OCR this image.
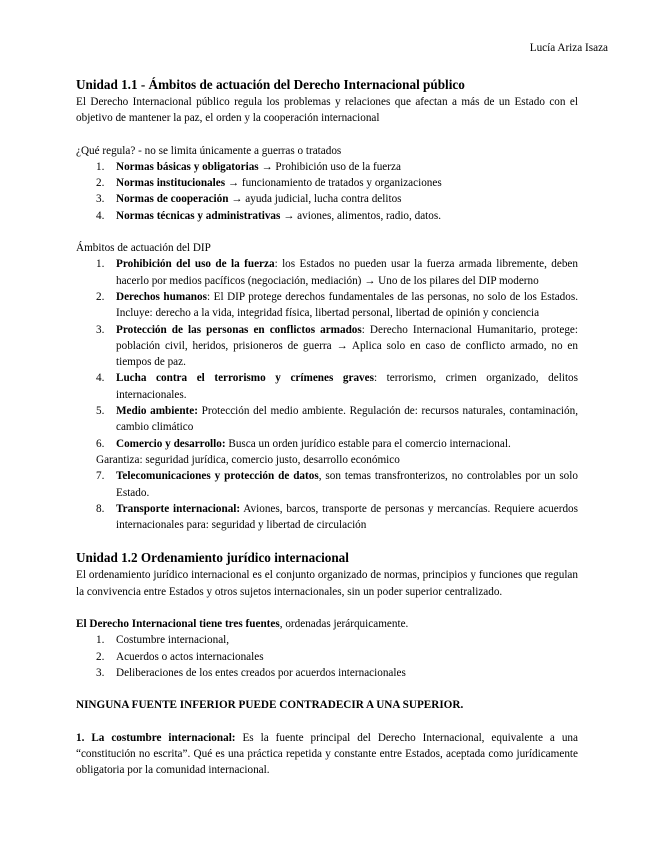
Lucía Ariza Isaza
Unidad 1.1 - Ámbitos de actuación del Derecho Internacional público

El Derecho Internacional público regula los problemas y relaciones que afectan a más de un Estado con el objetivo de mantener la paz, el orden y la cooperación internacional

¿Qué regula? - no se limita únicamente a guerras o tratados

1. Normas básicas y obligatorias → Prohibición uso de la fuerza
2. Normas institucionales → funcionamiento de tratados y organizaciones
3. Normas de cooperación → ayuda judicial, lucha contra delitos
4. Normas técnicas y administrativas → aviones, alimentos, radio, datos.

Ámbitos de actuación del DIP

1. Prohibición del uso de la fuerza: los Estados no pueden usar la fuerza armada libremente, deben hacerlo por medios pacíficos (negociación, mediación) → Uno de los pilares del DIP moderno
2. Derechos humanos: El DIP protege derechos fundamentales de las personas, no solo de los Estados. Incluye: derecho a la vida, integridad física, libertad personal, libertad de opinión y conciencia
3. Protección de las personas en conflictos armados: Derecho Internacional Humanitario, protege: población civil, heridos, prisioneros de guerra → Aplica solo en caso de conflicto armado, no en tiempos de paz.
4. Lucha contra el terrorismo y crímenes graves: terrorismo, crimen organizado, delitos internacionales.
5. Medio ambiente: Protección del medio ambiente. Regulación de: recursos naturales, contaminación, cambio climático
6. Comercio y desarrollo: Busca un orden jurídico estable para el comercio internacional.
Garantiza: seguridad jurídica, comercio justo, desarrollo económico
7. Telecomunicaciones y protección de datos, son temas transfronterizos, no controlables por un solo Estado.
8. Transporte internacional: Aviones, barcos, transporte de personas y mercancías. Requiere acuerdos internacionales para: seguridad y libertad de circulación
Unidad 1.2 Ordenamiento jurídico internacional

El ordenamiento jurídico internacional es el conjunto organizado de normas, principios y funciones que regulan la convivencia entre Estados y otros sujetos internacionales, sin un poder superior centralizado.

El Derecho Internacional tiene tres fuentes, ordenadas jerárquicamente.

1. Costumbre internacional,
2. Acuerdos o actos internacionales
3. Deliberaciones de los entes creados por acuerdos internacionales

NINGUNA FUENTE INFERIOR PUEDE CONTRADECIR A UNA SUPERIOR.

1. La costumbre internacional: Es la fuente principal del Derecho Internacional, equivalente a una “constitución no escrita”. Qué es una práctica repetida y constante entre Estados, aceptada como jurídicamente obligatoria por la comunidad internacional.
